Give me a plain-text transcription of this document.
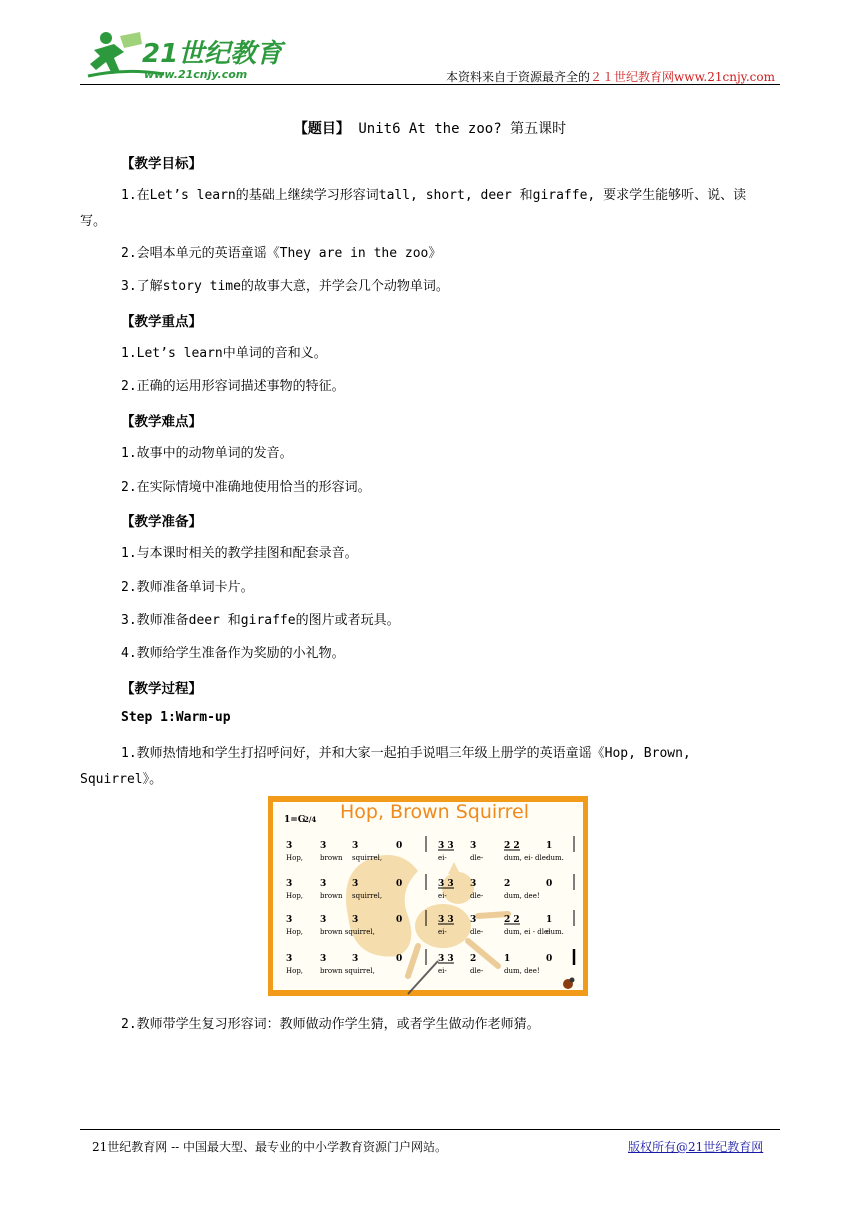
21世纪教育
www.21cnjy.com	本资料来自于资源最齐全的２１世纪教育网www.21cnjy.com
【题目】 Unit6 At the zoo? 第五课时
【教学目标】
1.在Let’s learn的基础上继续学习形容词tall, short, deer 和giraffe, 要求学生能够听、说、读
写。
2.会唱本单元的英语童谣《They are in the zoo》
3.了解story time的故事大意，并学会几个动物单词。
【教学重点】
1.Let’s learn中单词的音和义。
2.正确的运用形容词描述事物的特征。
【教学难点】
1.故事中的动物单词的发音。
2.在实际情境中准确地使用恰当的形容词。
【教学准备】
1.与本课时相关的教学挂图和配套录音。
2.教师准备单词卡片。
3.教师准备deer 和giraffe的图片或者玩具。
4.教师给学生准备作为奖励的小礼物。
【教学过程】
Step 1:Warm-up
1.教师热情地和学生打招呼问好，并和大家一起拍手说唱三年级上册学的英语童谣《Hop, Brown,
Squirrel》。
Hop, Brown Squirrel
1=G
2/4
3	3	3	0	3 3 3	2 2	1
Hop, brown squirrel,	ei-	dle-	dum, ei- dle-
dum.
3	3	3	0	3 3 3	2	0
Hop, brown squirrel,	ei-	dle-	dum, dee!
3	3	3	0	3 3 3	2 2	1
Hop, brown squirrel,	ei-	dle-	dum, ei - dle-
dum.
3	3	3	0	3 3 2	1	0
Hop, brown squirrel,	ei-	dle-	dum, dee!
2.教师带学生复习形容词：教师做动作学生猜，或者学生做动作老师猜。
21世纪教育网 -- 中国最大型、最专业的中小学教育资源门户网站。	版权所有@21世纪教育网
